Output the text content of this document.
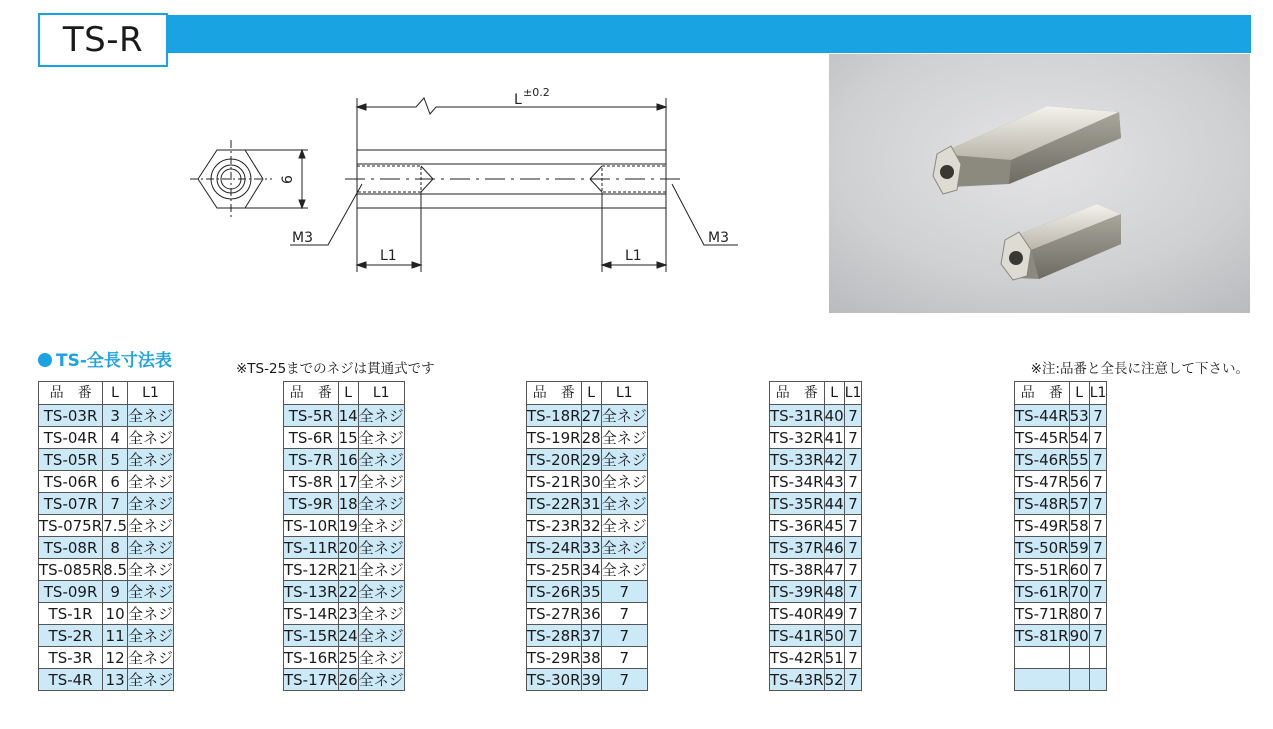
TS-R
L ±0.2
6
M3	M3
L1	L1
TS-全長寸法表	※TS-25までのネジは貫通式です	※注:品番と全長に注意して下さい。
品　番	L	L1
TS-03R	3	全ネジ
TS-04R	4	全ネジ
TS-05R	5	全ネジ
TS-06R	6	全ネジ
TS-07R	7	全ネジ
TS-075R	7.5	全ネジ
TS-08R	8	全ネジ
TS-085R	8.5	全ネジ
TS-09R	9	全ネジ
TS-1R	10	全ネジ
TS-2R	11	全ネジ
TS-3R	12	全ネジ
TS-4R	13	全ネジ
品　番	L	L1
TS-5R	14	全ネジ
TS-6R	15	全ネジ
TS-7R	16	全ネジ
TS-8R	17	全ネジ
TS-9R	18	全ネジ
TS-10R	19	全ネジ
TS-11R	20	全ネジ
TS-12R	21	全ネジ
TS-13R	22	全ネジ
TS-14R	23	全ネジ
TS-15R	24	全ネジ
TS-16R	25	全ネジ
TS-17R	26	全ネジ
品　番	L	L1
TS-18R	27	全ネジ
TS-19R	28	全ネジ
TS-20R	29	全ネジ
TS-21R	30	全ネジ
TS-22R	31	全ネジ
TS-23R	32	全ネジ
TS-24R	33	全ネジ
TS-25R	34	全ネジ
TS-26R	35	7
TS-27R	36	7
TS-28R	37	7
TS-29R	38	7
TS-30R	39	7
品　番	L	L1
TS-31R	40	7
TS-32R	41	7
TS-33R	42	7
TS-34R	43	7
TS-35R	44	7
TS-36R	45	7
TS-37R	46	7
TS-38R	47	7
TS-39R	48	7
TS-40R	49	7
TS-41R	50	7
TS-42R	51	7
TS-43R	52	7
品　番	L	L1
TS-44R	53	7
TS-45R	54	7
TS-46R	55	7
TS-47R	56	7
TS-48R	57	7
TS-49R	58	7
TS-50R	59	7
TS-51R	60	7
TS-61R	70	7
TS-71R	80	7
TS-81R	90	7
